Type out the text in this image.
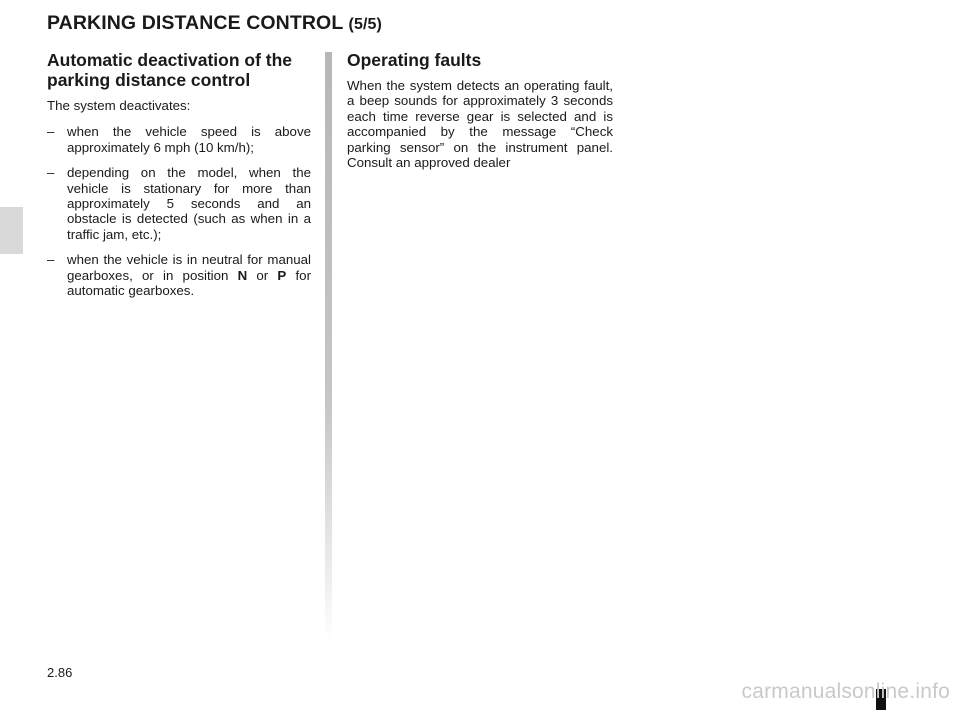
PARKING DISTANCE CONTROL (5/5)
Automatic deactivation of the parking distance control

The system deactivates:

– when the vehicle speed is above approximately 6 mph (10 km/h);
– depending on the model, when the vehicle is stationary for more than approximately 5 seconds and an obstacle is detected (such as when in a traffic jam, etc.);
– when the vehicle is in neutral for manual gearboxes, or in position N or P for automatic gearboxes.
Operating faults

When the system detects an operating fault, a beep sounds for approximately 3 seconds each time reverse gear is selected and is accompanied by the message “Check parking sensor” on the instrument panel. Consult an approved dealer

2.86
carmanualsonline.info
